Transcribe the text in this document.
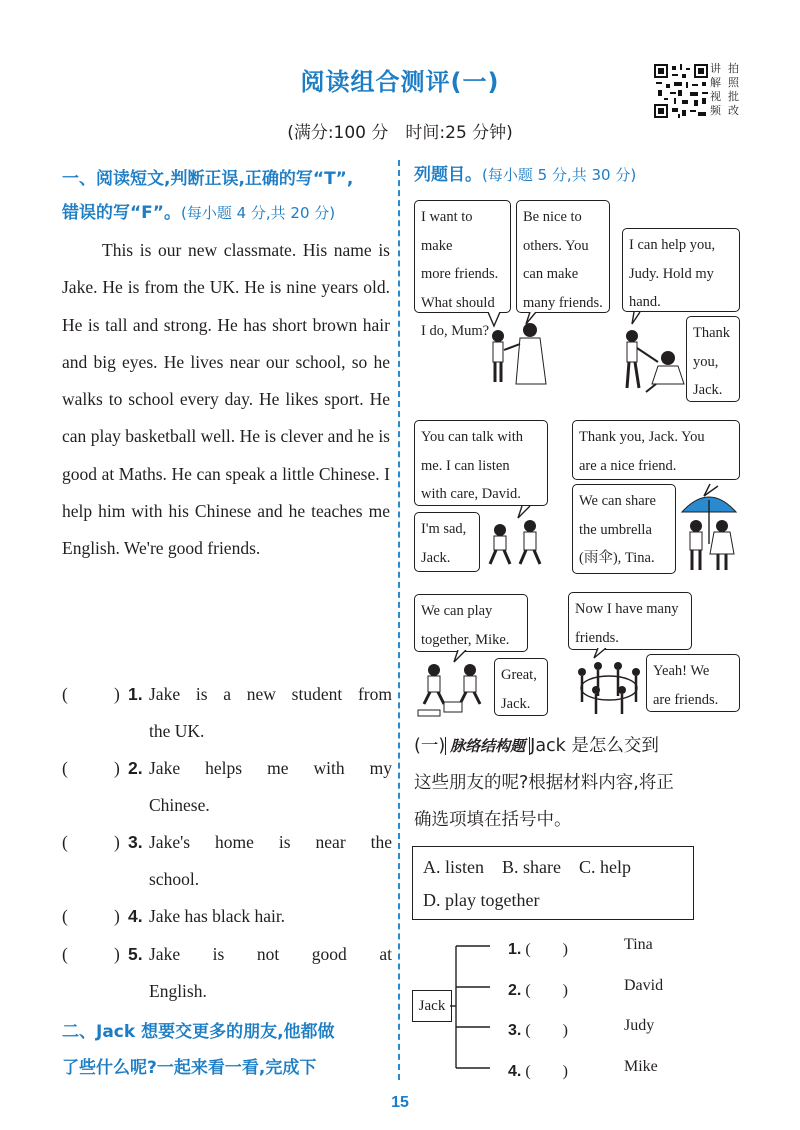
阅读组合测评(一)
(满分:100 分　时间:25 分钟)
讲 拍
解 照
视 批
频 改
一、阅读短文,判断正误,正确的写“T”,
错误的写“F”。(每小题 4 分,共 20 分)
This is our new classmate. His name is Jake. He is from the UK. He is nine years old. He is tall and strong. He has short brown hair and big eyes. He lives near our school, so he walks to school every day. He likes sport. He can play basketball well. He is clever and he is good at Maths. He can speak a little Chinese. I help him with his Chinese and he teaches me English. We're good friends.
(	) 1. Jake is a new student from
the UK.
(	) 2. Jake helps me with my
Chinese.
(	) 3. Jake's home is near the
school.
(	) 4. Jake has black hair.
(	) 5. Jake is not good at
English.
二、Jack 想要交更多的朋友,他都做
了些什么呢?一起来看一看,完成下
列题目。(每小题 5 分,共 30 分)
I want to make
more friends.
What should
I do, Mum?
Be nice to
others. You
can make
many friends.
I can help you,
Judy. Hold my
hand.
Thank
you,
Jack.
You can talk with
me. I can listen
with care, David.
I'm sad,
Jack.
Thank you, Jack. You
are a nice friend.
We can share
the umbrella
(雨伞), Tina.
We can play
together, Mike.
Great,
Jack.
Now I have many
friends.
Yeah! We
are friends.
(一) 脉络结构题 Jack 是怎么交到
这些朋友的呢?根据材料内容,将正
确选项填在括号中。
A. listen　B. share　C. help
D. play together
Jack
1. (　　)	Tina
2. (　　)	David
3. (　　)	Judy
4. (　　)	Mike
15
